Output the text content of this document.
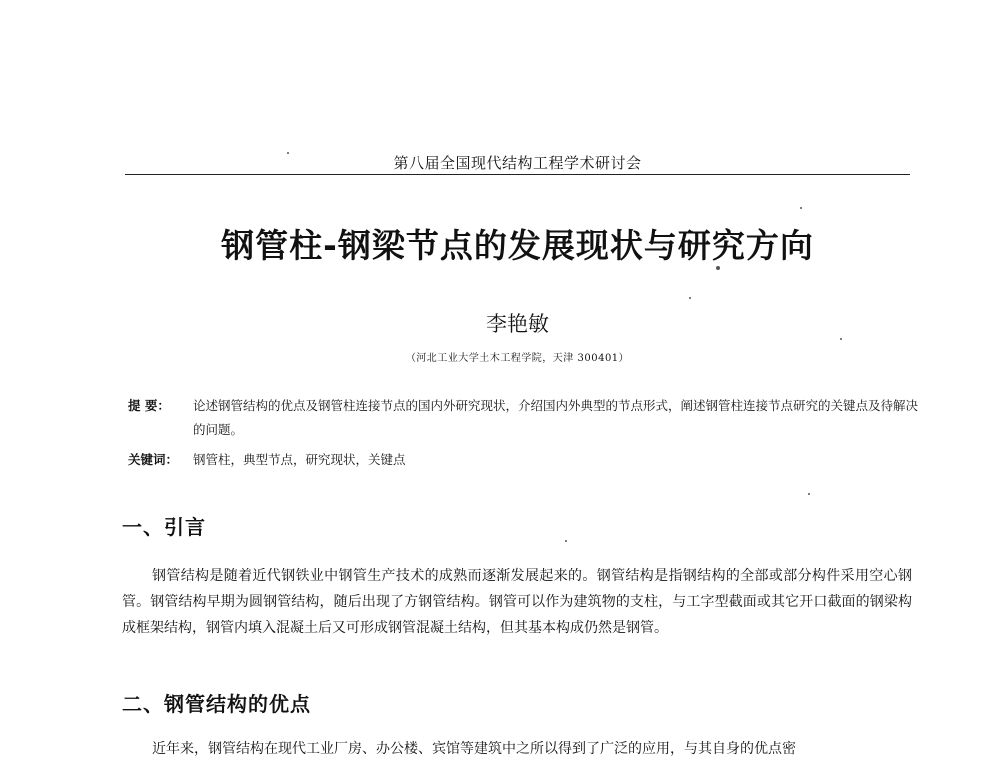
第八届全国现代结构工程学术研讨会
钢管柱-钢梁节点的发展现状与研究方向
李艳敏
（河北工业大学土木工程学院，天津 300401）
提 要：	论述钢管结构的优点及钢管柱连接节点的国内外研究现状，介绍国内外典型的节点形式，阐述钢管柱连接节点研究的关键点及待解决的问题。
关键词：	钢管柱，典型节点，研究现状，关键点
一、引言
钢管结构是随着近代钢铁业中钢管生产技术的成熟而逐渐发展起来的。钢管结构是指钢结构的全部或部分构件采用空心钢管。钢管结构早期为圆钢管结构，随后出现了方钢管结构。钢管可以作为建筑物的支柱，与工字型截面或其它开口截面的钢梁构成框架结构，钢管内填入混凝土后又可形成钢管混凝土结构，但其基本构成仍然是钢管。
二、钢管结构的优点
近年来，钢管结构在现代工业厂房、办公楼、宾馆等建筑中之所以得到了广泛的应用，与其自身的优点密
